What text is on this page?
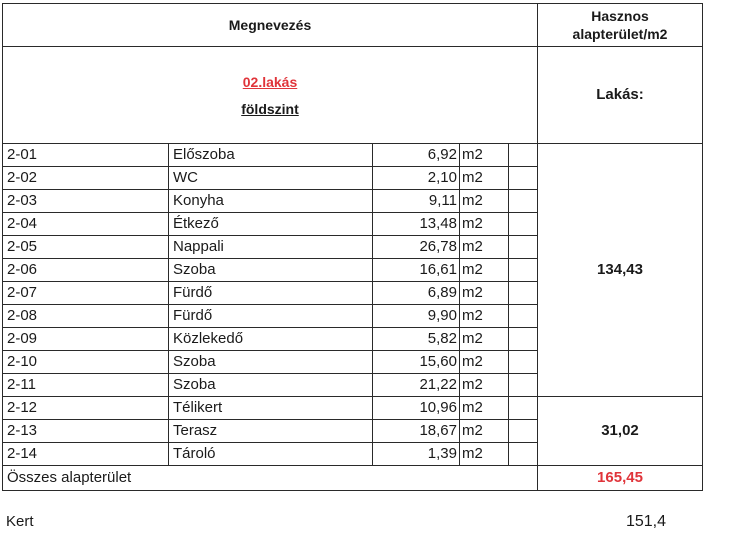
Megnevezés					Hasznos
alapterület/m2
02.lakás
földszint					Lakás:
2-01	Előszoba	6,92	m2		134,43
2-02	WC	2,10	m2		
2-03	Konyha	9,11	m2		
2-04	Étkező	13,48	m2		
2-05	Nappali	26,78	m2		
2-06	Szoba	16,61	m2		
2-07	Fürdő	6,89	m2		
2-08	Fürdő	9,90	m2		
2-09	Közlekedő	5,82	m2		
2-10	Szoba	15,60	m2		
2-11	Szoba	21,22	m2		
2-12	Télikert	10,96	m2		31,02
2-13	Terasz	18,67	m2		
2-14	Tároló	1,39	m2		
Összes alapterület					165,45
Kert	151,4
